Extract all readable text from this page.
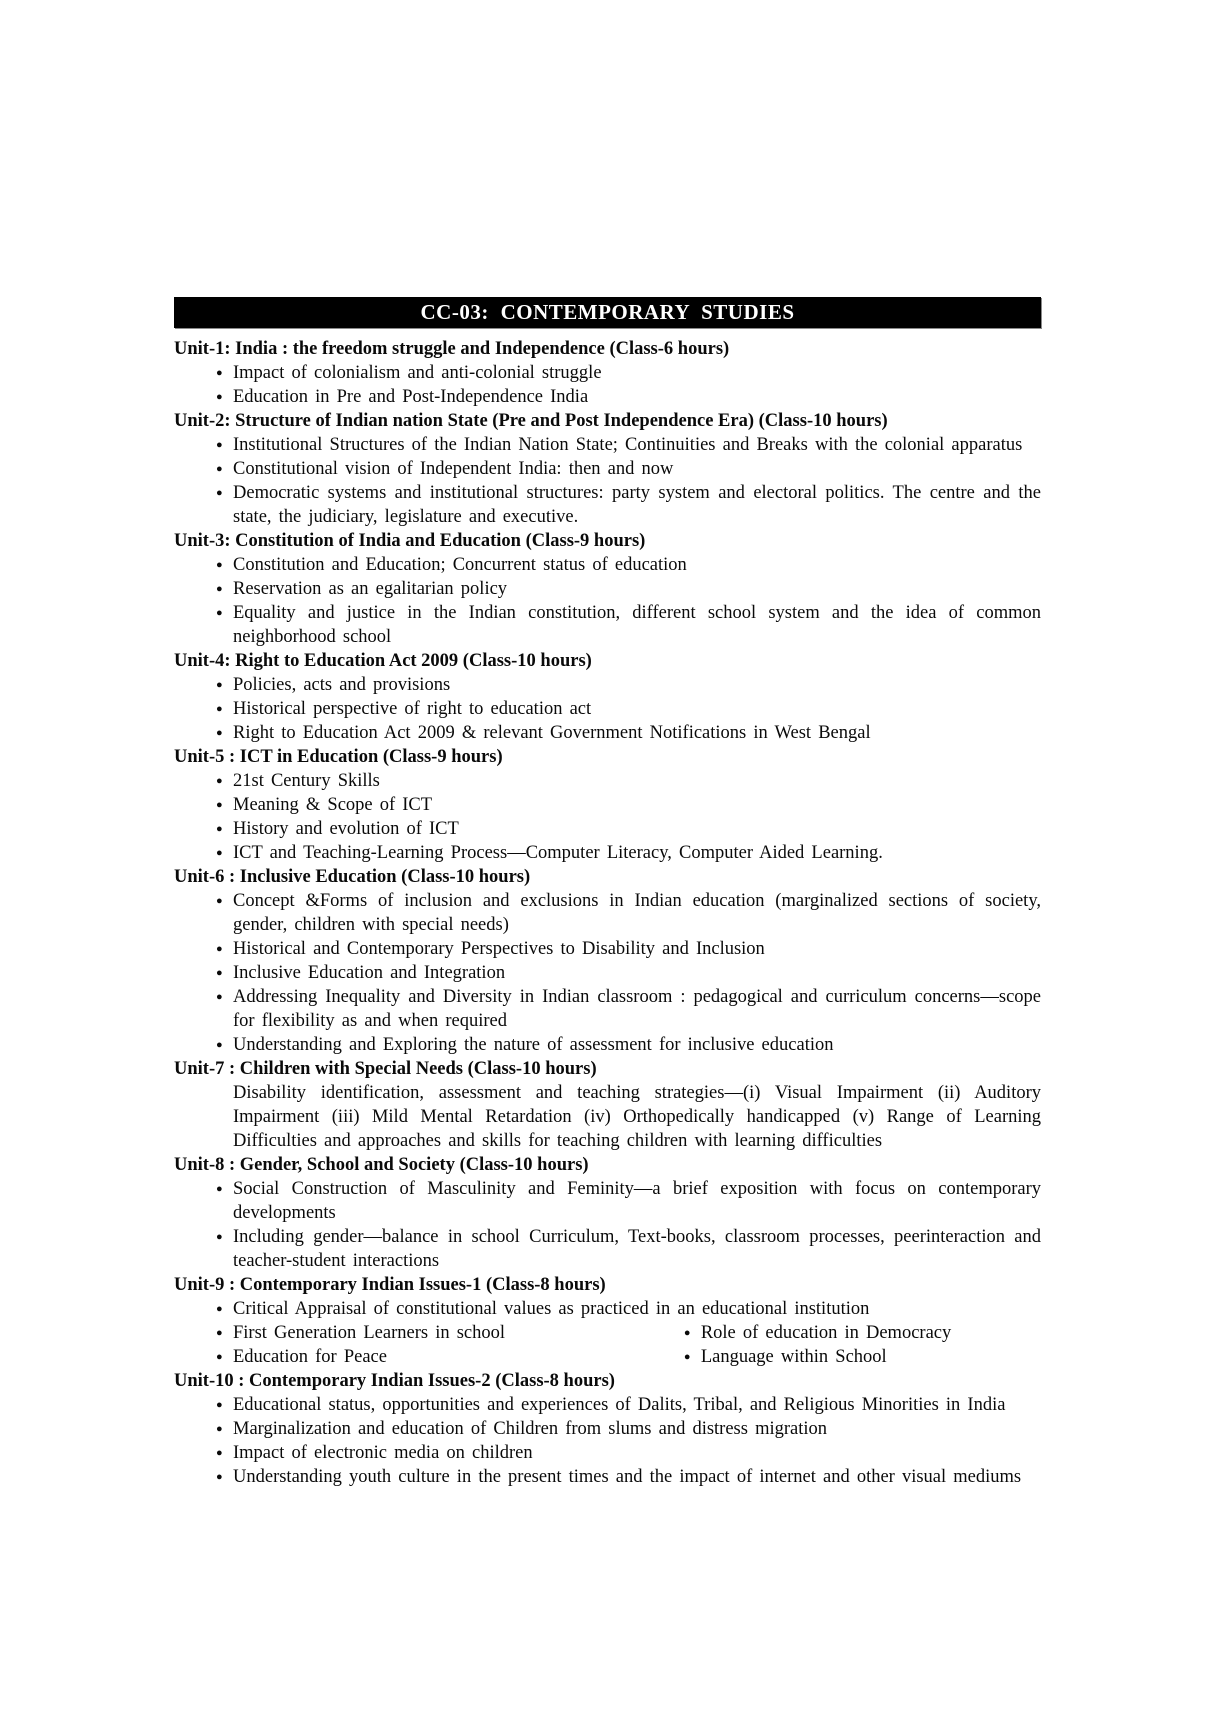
CC-03: CONTEMPORARY STUDIES
Unit-1: India : the freedom struggle and Independence (Class-6 hours)
● Impact of colonialism and anti-colonial struggle
● Education in Pre and Post-Independence India
Unit-2: Structure of Indian nation State (Pre and Post Independence Era) (Class-10 hours)
● Institutional Structures of the Indian Nation State; Continuities and Breaks with the colonial apparatus
● Constitutional vision of Independent India: then and now
● Democratic systems and institutional structures: party system and electoral politics. The centre and the state, the judiciary, legislature and executive.
Unit-3: Constitution of India and Education (Class-9 hours)
● Constitution and Education; Concurrent status of education
● Reservation as an egalitarian policy
● Equality and justice in the Indian constitution, different school system and the idea of common neighborhood school
Unit-4: Right to Education Act 2009 (Class-10 hours)
● Policies, acts and provisions
● Historical perspective of right to education act
● Right to Education Act 2009 & relevant Government Notifications in West Bengal
Unit-5 : ICT in Education (Class-9 hours)
● 21st Century Skills
● Meaning & Scope of ICT
● History and evolution of ICT
● ICT and Teaching-Learning Process—Computer Literacy, Computer Aided Learning.
Unit-6 : Inclusive Education (Class-10 hours)
● Concept &Forms of inclusion and exclusions in Indian education (marginalized sections of society, gender, children with special needs)
● Historical and Contemporary Perspectives to Disability and Inclusion
● Inclusive Education and Integration
● Addressing Inequality and Diversity in Indian classroom : pedagogical and curriculum concerns—scope for flexibility as and when required
● Understanding and Exploring the nature of assessment for inclusive education
Unit-7 : Children with Special Needs (Class-10 hours)
Disability identification, assessment and teaching strategies—(i) Visual Impairment (ii) Auditory Impairment (iii) Mild Mental Retardation (iv) Orthopedically handicapped (v) Range of Learning Difficulties and approaches and skills for teaching children with learning difficulties
Unit-8 : Gender, School and Society (Class-10 hours)
● Social Construction of Masculinity and Feminity—a brief exposition with focus on contemporary developments
● Including gender—balance in school Curriculum, Text-books, classroom processes, peerinteraction and teacher-student interactions
Unit-9 : Contemporary Indian Issues-1 (Class-8 hours)
● Critical Appraisal of constitutional values as practiced in an educational institution
● First Generation Learners in school	● Role of education in Democracy
● Education for Peace	● Language within School
Unit-10 : Contemporary Indian Issues-2 (Class-8 hours)
● Educational status, opportunities and experiences of Dalits, Tribal, and Religious Minorities in India
● Marginalization and education of Children from slums and distress migration
● Impact of electronic media on children
● Understanding youth culture in the present times and the impact of internet and other visual mediums
